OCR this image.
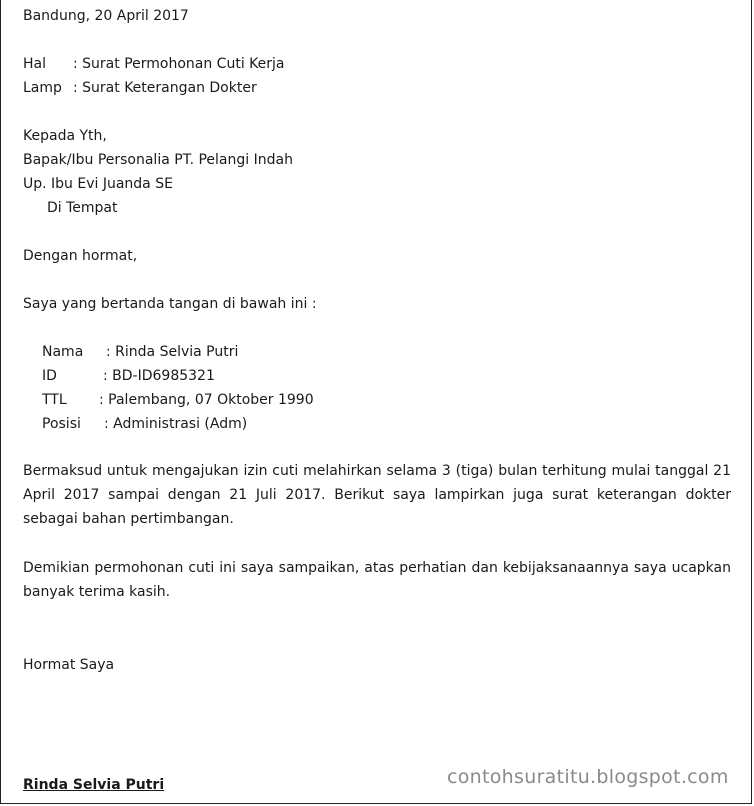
Bandung, 20 April 2017
Hal : Surat Permohonan Cuti Kerja
Lamp : Surat Keterangan Dokter
Kepada Yth,
Bapak/Ibu Personalia PT. Pelangi Indah
Up. Ibu Evi Juanda SE
Di Tempat
Dengan hormat,
Saya yang bertanda tangan di bawah ini :
Nama : Rinda Selvia Putri
ID	: BD-ID6985321
TTL : Palembang, 07 Oktober 1990
Posisi : Administrasi (Adm)
Bermaksud untuk mengajukan izin cuti melahirkan selama 3 (tiga) bulan terhitung mulai tanggal 21 April 2017 sampai dengan 21 Juli 2017. Berikut saya lampirkan juga surat keterangan dokter sebagai bahan pertimbangan.
Demikian permohonan cuti ini saya sampaikan, atas perhatian dan kebijaksanaannya saya ucapkan banyak terima kasih.
Hormat Saya
Rinda Selvia Putri	contohsuratitu.blogspot.com
